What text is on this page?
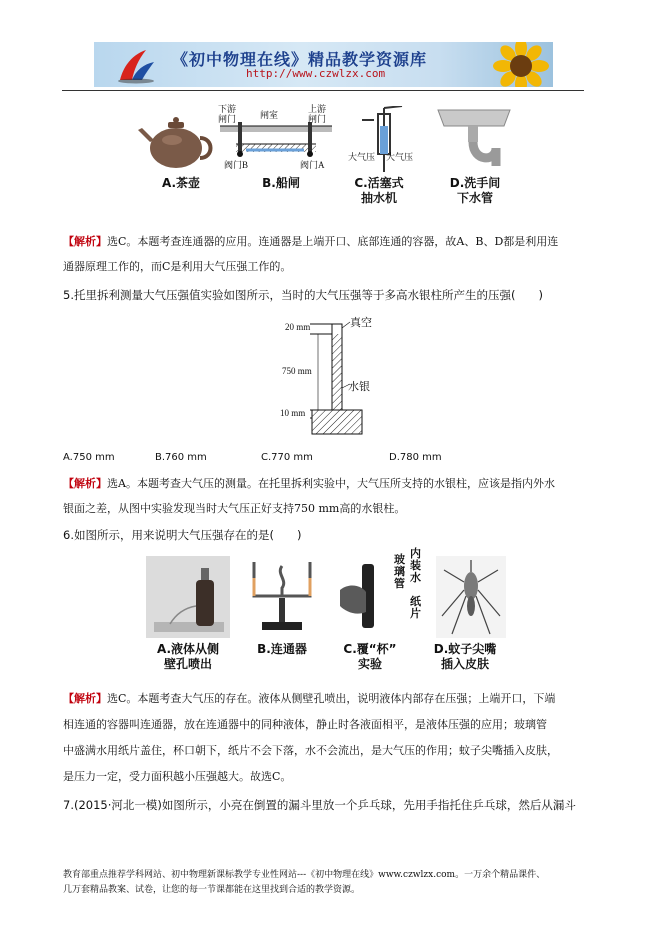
《初中物理在线》精品教学资源库
http://www.czwlzx.com
下游
闸门	闸室
上游
闸门
阀门B	阀门A
大气压 大气压
A.茶壶	B.船闸	C.活塞式
抽水机
D.洗手间
下水管
【解析】选C。本题考查连通器的应用。连通器是上端开口、底部连通的容器，故A、B、D都是利用连
通器原理工作的，而C是利用大气压强工作的。
5.托里拆利测量大气压强值实验如图所示，当时的大气压强等于多高水银柱所产生的压强(　　)
20 mm	真空
750 mm
水银
10 mm
A.750 mm	B.760 mm	C.770 mm	D.780 mm
【解析】选A。本题考查大气压的测量。在托里拆利实验中，大气压所支持的水银柱，应该是指内外水
银面之差，从图中实验发现当时大气压正好支持750 mm高的水银柱。
6.如图所示，用来说明大气压强存在的是(　　)
玻
璃
管
内
装
水
纸
片
A.液体从侧
壁孔喷出
B.连通器	C.覆“杯”
实验
D.蚊子尖嘴
插入皮肤
【解析】选C。本题考查大气压的存在。液体从侧壁孔喷出，说明液体内部存在压强；上端开口，下端
相连通的容器叫连通器，放在连通器中的同种液体，静止时各液面相平，是液体压强的应用；玻璃管
中盛满水用纸片盖住，杯口朝下，纸片不会下落，水不会流出，是大气压的作用；蚊子尖嘴插入皮肤，
是压力一定，受力面积越小压强越大。故选C。
7.(2015·河北一模)如图所示，小亮在倒置的漏斗里放一个乒乓球，先用手指托住乒乓球，然后从漏斗
教育部重点推荐学科网站、初中物理新课标教学专业性网站---《初中物理在线》www.czwlzx.com。一万余个精品课件、
几万套精品教案、试卷，让您的每一节课都能在这里找到合适的教学资源。
